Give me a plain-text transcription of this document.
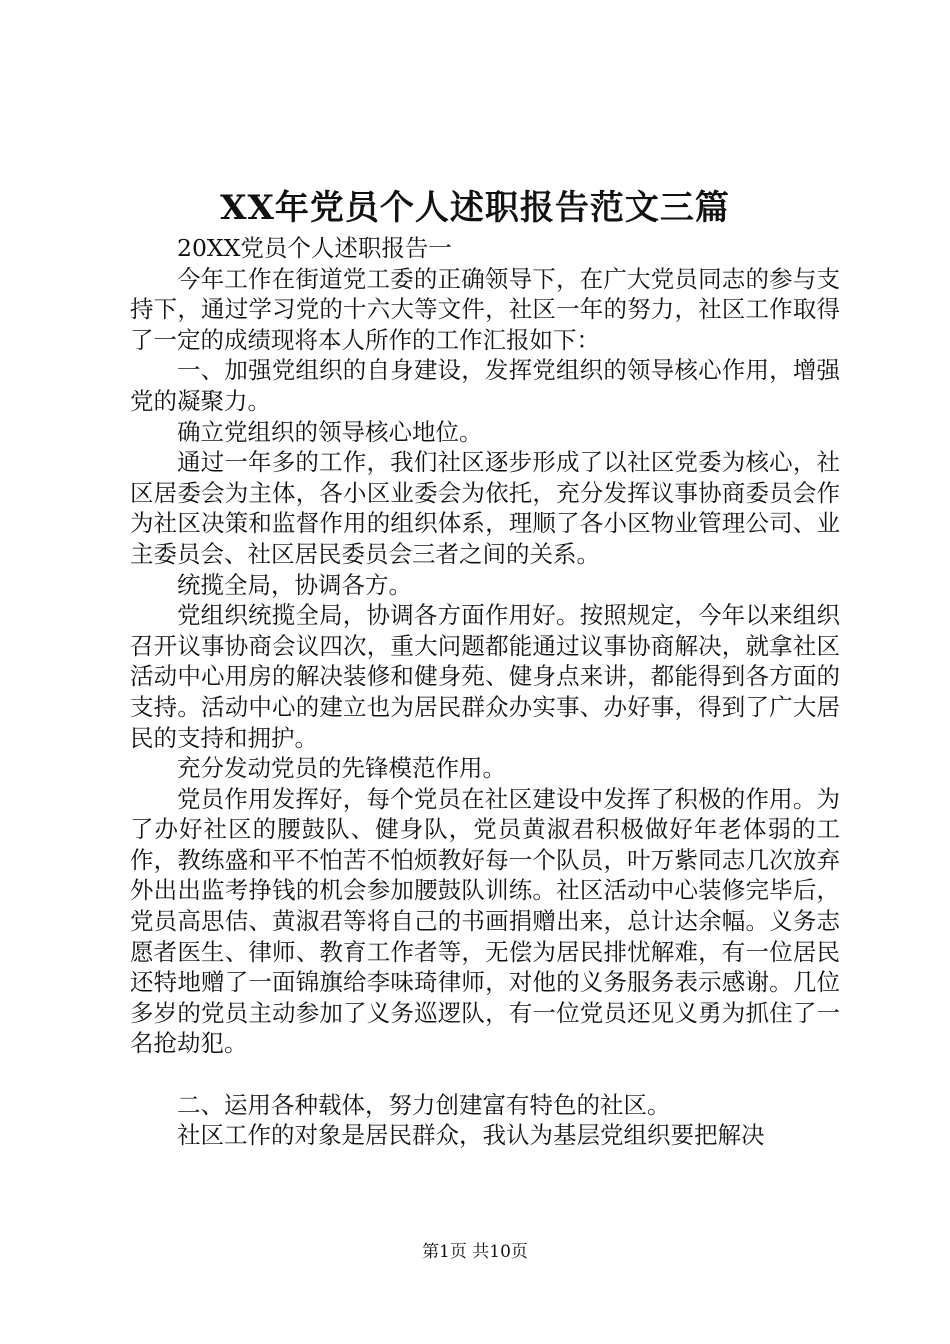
XX年党员个人述职报告范文三篇

20XX党员个人述职报告一

今年工作在街道党工委的正确领导下，在广大党员同志的参与支持下，通过学习党的十六大等文件，社区一年的努力，社区工作取得了一定的成绩现将本人所作的工作汇报如下：

一、加强党组织的自身建设，发挥党组织的领导核心作用，增强党的凝聚力。

确立党组织的领导核心地位。

通过一年多的工作，我们社区逐步形成了以社区党委为核心，社区居委会为主体，各小区业委会为依托，充分发挥议事协商委员会作为社区决策和监督作用的组织体系，理顺了各小区物业管理公司、业主委员会、社区居民委员会三者之间的关系。

统揽全局，协调各方。

党组织统揽全局，协调各方面作用好。按照规定，今年以来组织召开议事协商会议四次，重大问题都能通过议事协商解决，就拿社区活动中心用房的解决装修和健身苑、健身点来讲，都能得到各方面的支持。活动中心的建立也为居民群众办实事、办好事，得到了广大居民的支持和拥护。

充分发动党员的先锋模范作用。

党员作用发挥好，每个党员在社区建设中发挥了积极的作用。为了办好社区的腰鼓队、健身队，党员黄淑君积极做好年老体弱的工作，教练盛和平不怕苦不怕烦教好每一个队员，叶万紫同志几次放弃外出出监考挣钱的机会参加腰鼓队训练。社区活动中心装修完毕后，党员高思佶、黄淑君等将自己的书画捐赠出来，总计达余幅。义务志愿者医生、律师、教育工作者等，无偿为居民排忧解难，有一位居民还特地赠了一面锦旗给李味琦律师，对他的义务服务表示感谢。几位多岁的党员主动参加了义务巡逻队，有一位党员还见义勇为抓住了一名抢劫犯。

二、运用各种载体，努力创建富有特色的社区。

社区工作的对象是居民群众，我认为基层党组织要把解决

第1页 共10页
